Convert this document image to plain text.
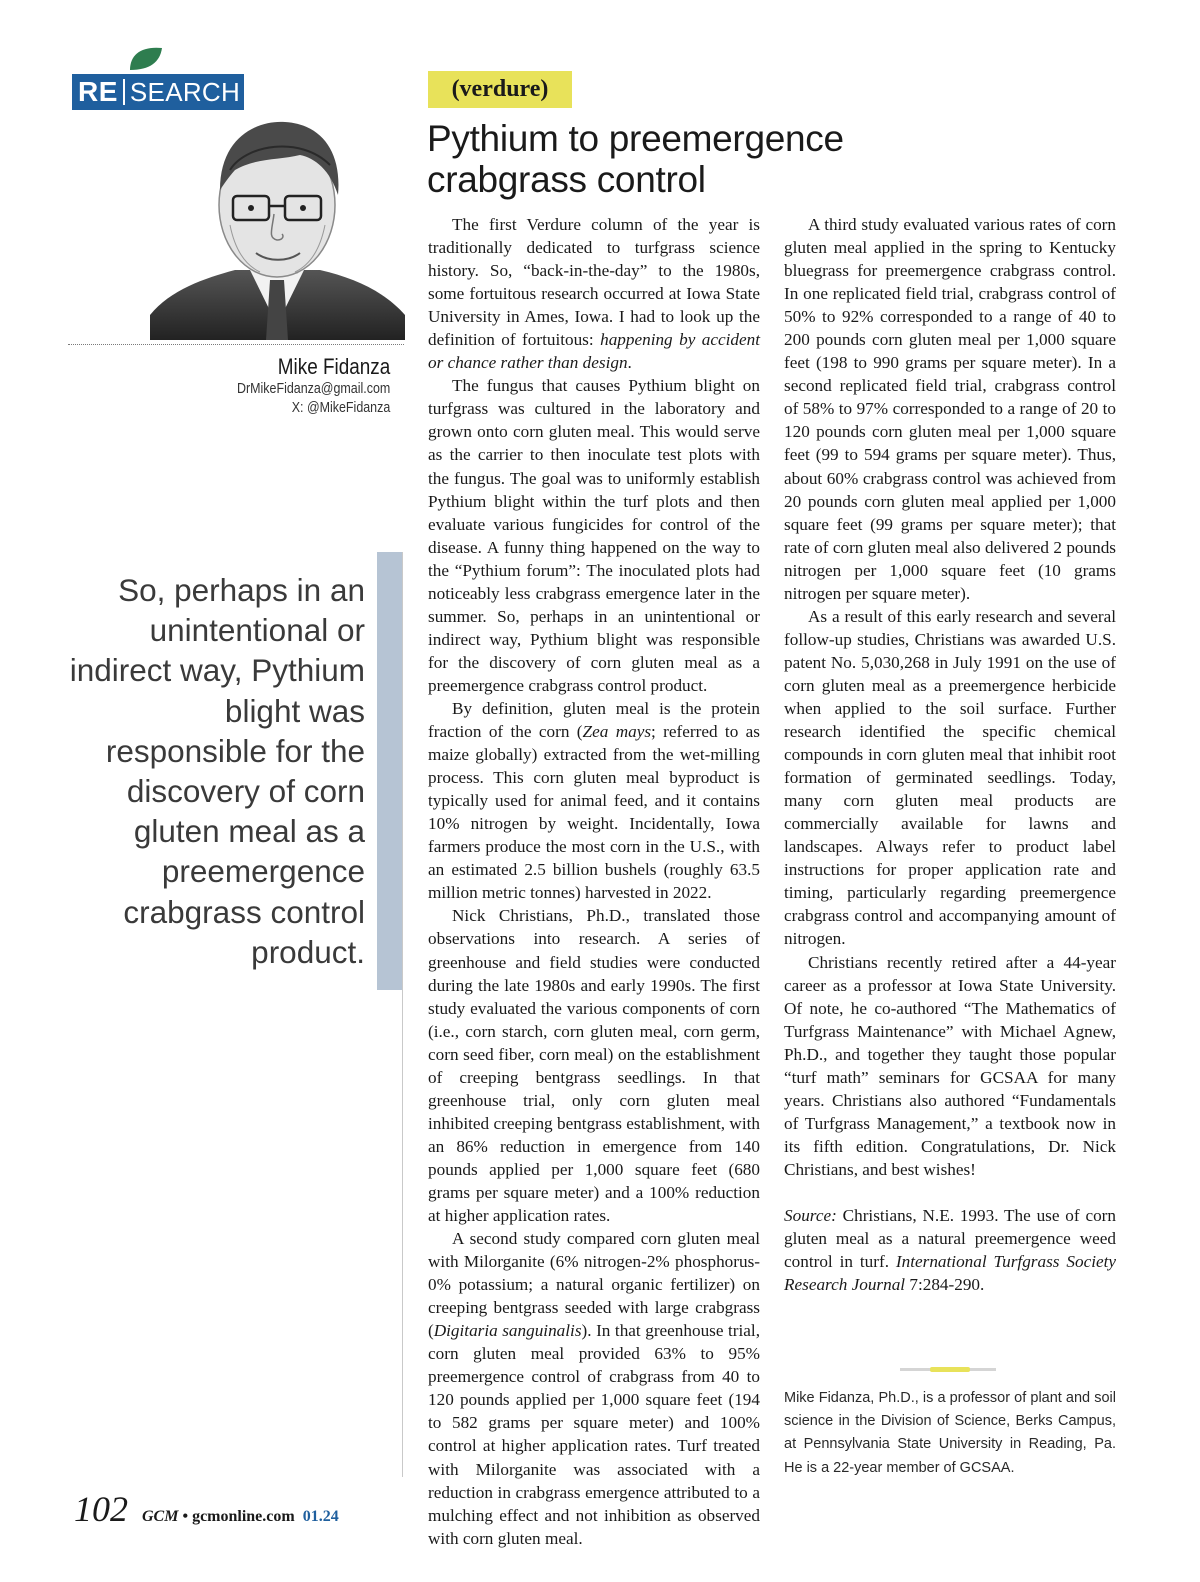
RE SEARCH
Mike Fidanza
DrMikeFidanza@gmail.com
X: @MikeFidanza
So, perhaps in an unintentional or indirect way, Pythium blight was responsible for the discovery of corn gluten meal as a preemergence crabgrass control product.
(verdure)
Pythium to preemergence crabgrass control

The first Verdure column of the year is traditionally dedicated to turfgrass science history. So, “back-in-the-day” to the 1980s, some fortuitous research occurred at Iowa State University in Ames, Iowa. I had to look up the definition of fortuitous: happening by accident or chance rather than design.

The fungus that causes Pythium blight on turfgrass was cultured in the laboratory and grown onto corn gluten meal. This would serve as the carrier to then inoculate test plots with the fungus. The goal was to uniformly establish Pythium blight within the turf plots and then evaluate various fungicides for control of the disease. A funny thing happened on the way to the “Pythium forum”: The inoculated plots had noticeably less crabgrass emergence later in the summer. So, perhaps in an unintentional or indirect way, Pythium blight was responsible for the discovery of corn gluten meal as a preemergence crabgrass control product.

By definition, gluten meal is the protein fraction of the corn (Zea mays; referred to as maize globally) extracted from the wet-milling process. This corn gluten meal byproduct is typically used for animal feed, and it contains 10% nitrogen by weight. Incidentally, Iowa farmers produce the most corn in the U.S., with an estimated 2.5 billion bushels (roughly 63.5 million metric tonnes) harvested in 2022.

Nick Christians, Ph.D., translated those observations into research. A series of greenhouse and field studies were conducted during the late 1980s and early 1990s. The first study evaluated the various components of corn (i.e., corn starch, corn gluten meal, corn germ, corn seed fiber, corn meal) on the establishment of creeping bentgrass seedlings. In that greenhouse trial, only corn gluten meal inhibited creeping bentgrass establishment, with an 86% reduction in emergence from 140 pounds applied per 1,000 square feet (680 grams per square meter) and a 100% reduction at higher application rates.

A second study compared corn gluten meal with Milorganite (6% nitrogen-2% phosphorus-0% potassium; a natural organic fertilizer) on creeping bentgrass seeded with large crabgrass (Digitaria sanguinalis). In that greenhouse trial, corn gluten meal provided 63% to 95% preemergence control of crabgrass from 40 to 120 pounds applied per 1,000 square feet (194 to 582 grams per square meter) and 100% control at higher application rates. Turf treated with Milorganite was associated with a reduction in crabgrass emergence attributed to a mulching effect and not inhibition as observed with corn gluten meal.

A third study evaluated various rates of corn gluten meal applied in the spring to Kentucky bluegrass for preemergence crabgrass control. In one replicated field trial, crabgrass control of 50% to 92% corresponded to a range of 40 to 200 pounds corn gluten meal per 1,000 square feet (198 to 990 grams per square meter). In a second replicated field trial, crabgrass control of 58% to 97% corresponded to a range of 20 to 120 pounds corn gluten meal per 1,000 square feet (99 to 594 grams per square meter). Thus, about 60% crabgrass control was achieved from 20 pounds corn gluten meal applied per 1,000 square feet (99 grams per square meter); that rate of corn gluten meal also delivered 2 pounds nitrogen per 1,000 square feet (10 grams nitrogen per square meter).

As a result of this early research and several follow-up studies, Christians was awarded U.S. patent No. 5,030,268 in July 1991 on the use of corn gluten meal as a preemergence herbicide when applied to the soil surface. Further research identified the specific chemical compounds in corn gluten meal that inhibit root formation of germinated seedlings. Today, many corn gluten meal products are commercially available for lawns and landscapes. Always refer to product label instructions for proper application rate and timing, particularly regarding preemergence crabgrass control and accompanying amount of nitrogen.

Christians recently retired after a 44-year career as a professor at Iowa State University. Of note, he co-authored “The Mathematics of Turfgrass Maintenance” with Michael Agnew, Ph.D., and together they taught those popular “turf math” seminars for GCSAA for many years. Christians also authored “Fundamentals of Turfgrass Management,” a textbook now in its fifth edition. Congratulations, Dr. Nick Christians, and best wishes!

Source: Christians, N.E. 1993. The use of corn gluten meal as a natural preemergence weed control in turf. International Turfgrass Society Research Journal 7:284-290.

Mike Fidanza, Ph.D., is a professor of plant and soil science in the Division of Science, Berks Campus, at Pennsylvania State University in Reading, Pa. He is a 22-year member of GCSAA.
102 GCM • gcmonline.com 01.24
